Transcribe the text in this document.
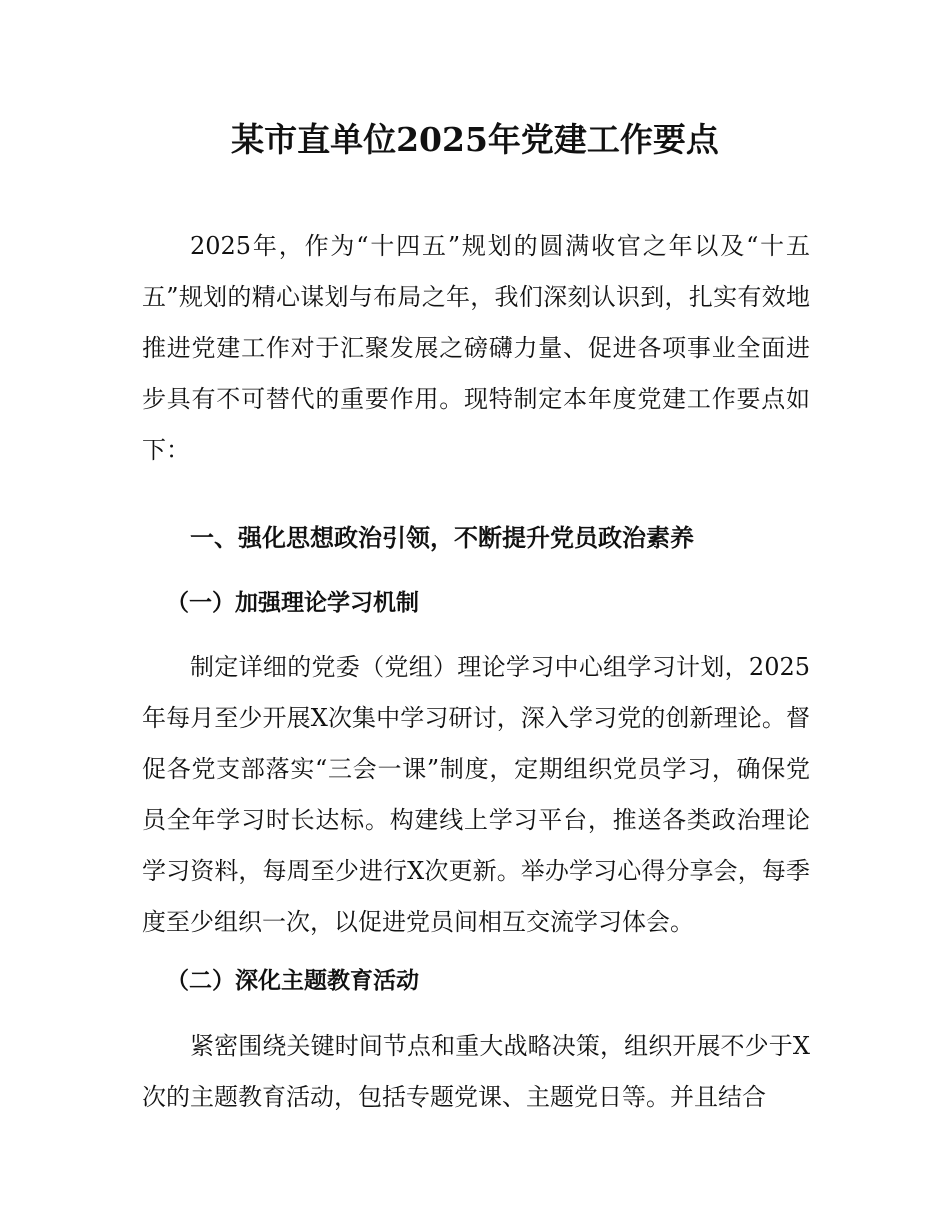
某市直单位2025年党建工作要点

2025年，作为“十四五”规划的圆满收官之年以及“十五五”规划的精心谋划与布局之年，我们深刻认识到，扎实有效地推进党建工作对于汇聚发展之磅礴力量、促进各项事业全面进步具有不可替代的重要作用。现特制定本年度党建工作要点如下：

一、强化思想政治引领，不断提升党员政治素养
（一）加强理论学习机制

制定详细的党委（党组）理论学习中心组学习计划，2025年每月至少开展X次集中学习研讨，深入学习党的创新理论。督促各党支部落实“三会一课”制度，定期组织党员学习，确保党员全年学习时长达标。构建线上学习平台，推送各类政治理论学习资料，每周至少进行X次更新。举办学习心得分享会，每季度至少组织一次，以促进党员间相互交流学习体会。

（二）深化主题教育活动

紧密围绕关键时间节点和重大战略决策，组织开展不少于X次的主题教育活动，包括专题党课、主题党日等。并且结合
